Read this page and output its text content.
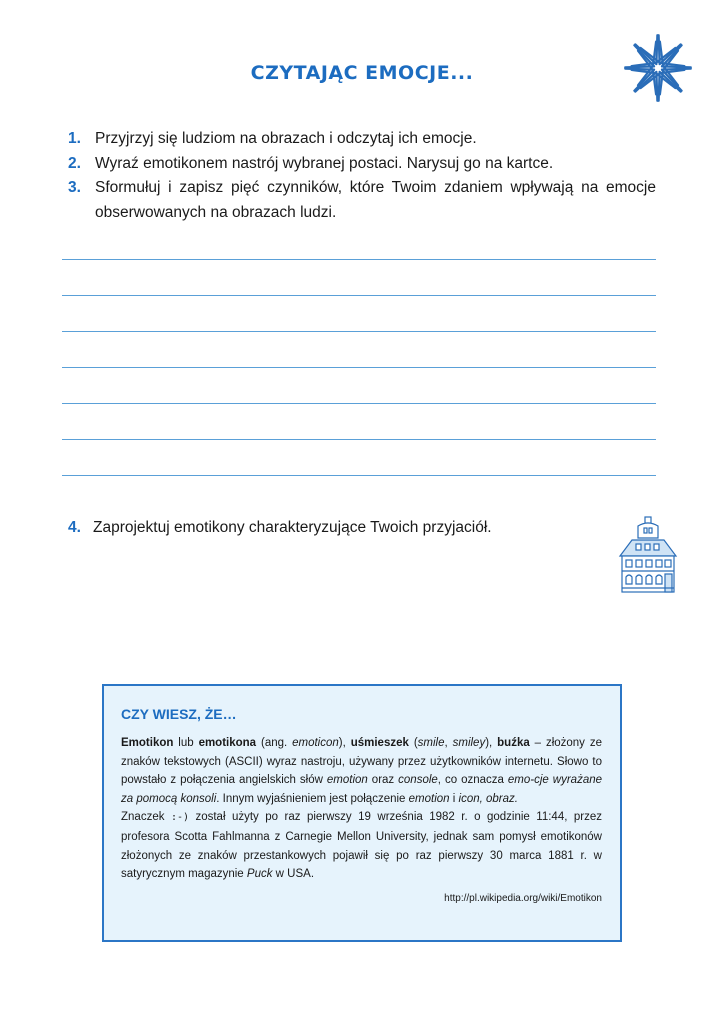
CZYTAJĄC EMOCJE...
1. Przyjrzyj się ludziom na obrazach i odczytaj ich emocje.
2. Wyraź emotikonem nastrój wybranej postaci. Narysuj go na kartce.
3. Sformułuj i zapisz pięć czynników, które Twoim zdaniem wpływają na emocje obserwowanych na obrazach ludzi.
4. Zaprojektuj emotikony charakteryzujące Twoich przyjaciół.
CZY WIESZ, ŻE…

Emotikon lub emotikona (ang. emoticon), uśmieszek (smile, smiley), buźka – złożony ze znaków tekstowych (ASCII) wyraz nastroju, używany przez użytkowników internetu. Słowo to powstało z połączenia angielskich słów emotion oraz console, co oznacza emo-cje wyrażane za pomocą konsoli. Innym wyjaśnieniem jest połączenie emotion i icon, obraz.

Znaczek :-) został użyty po raz pierwszy 19 września 1982 r. o godzinie 11:44, przez profesora Scotta Fahlmanna z Carnegie Mellon University, jednak sam pomysł emotikonów złożonych ze znaków przestankowych pojawił się po raz pierwszy 30 marca 1881 r. w satyrycznym magazynie Puck w USA.

http://pl.wikipedia.org/wiki/Emotikon
